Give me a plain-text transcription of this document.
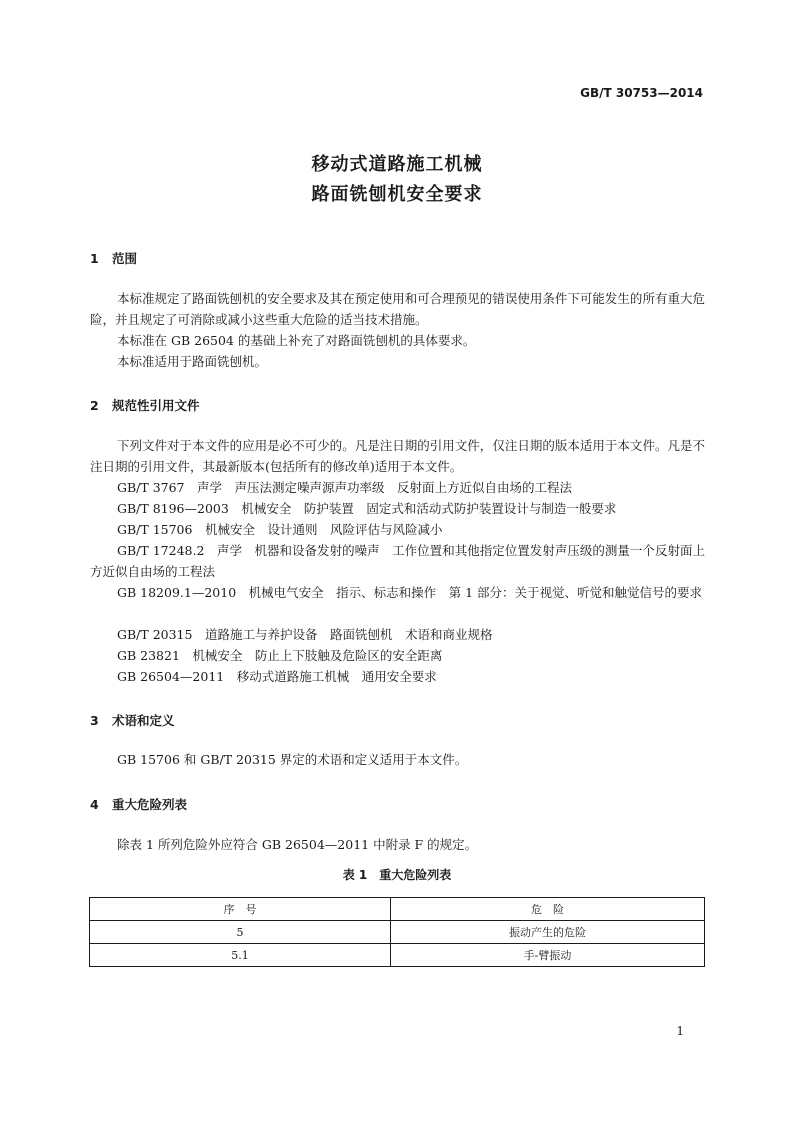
GB/T 30753—2014
移动式道路施工机械
路面铣刨机安全要求
1 范围
本标准规定了路面铣刨机的安全要求及其在预定使用和可合理预见的错误使用条件下可能发生的所有重大危险，并且规定了可消除或减小这些重大危险的适当技术措施。
本标准在 GB 26504 的基础上补充了对路面铣刨机的具体要求。
本标准适用于路面铣刨机。
2 规范性引用文件
下列文件对于本文件的应用是必不可少的。凡是注日期的引用文件，仅注日期的版本适用于本文件。凡是不注日期的引用文件，其最新版本(包括所有的修改单)适用于本文件。
GB/T 3767　声学　声压法测定噪声源声功率级　反射面上方近似自由场的工程法
GB/T 8196—2003　机械安全　防护装置　固定式和活动式防护装置设计与制造一般要求
GB/T 15706　机械安全　设计通则　风险评估与风险减小
GB/T 17248.2　声学　机器和设备发射的噪声　工作位置和其他指定位置发射声压级的测量一个反射面上方近似自由场的工程法
GB 18209.1—2010　机械电气安全　指示、标志和操作　第 1 部分：关于视觉、听觉和触觉信号的要求
GB/T 20315　道路施工与养护设备　路面铣刨机　术语和商业规格
GB 23821　机械安全　防止上下肢触及危险区的安全距离
GB 26504—2011　移动式道路施工机械　通用安全要求
3 术语和定义
GB 15706 和 GB/T 20315 界定的术语和定义适用于本文件。
4 重大危险列表
除表 1 所列危险外应符合 GB 26504—2011 中附录 F 的规定。
表 1　重大危险列表
序　号	危　险
5	振动产生的危险
5.1	手-臂振动
1
